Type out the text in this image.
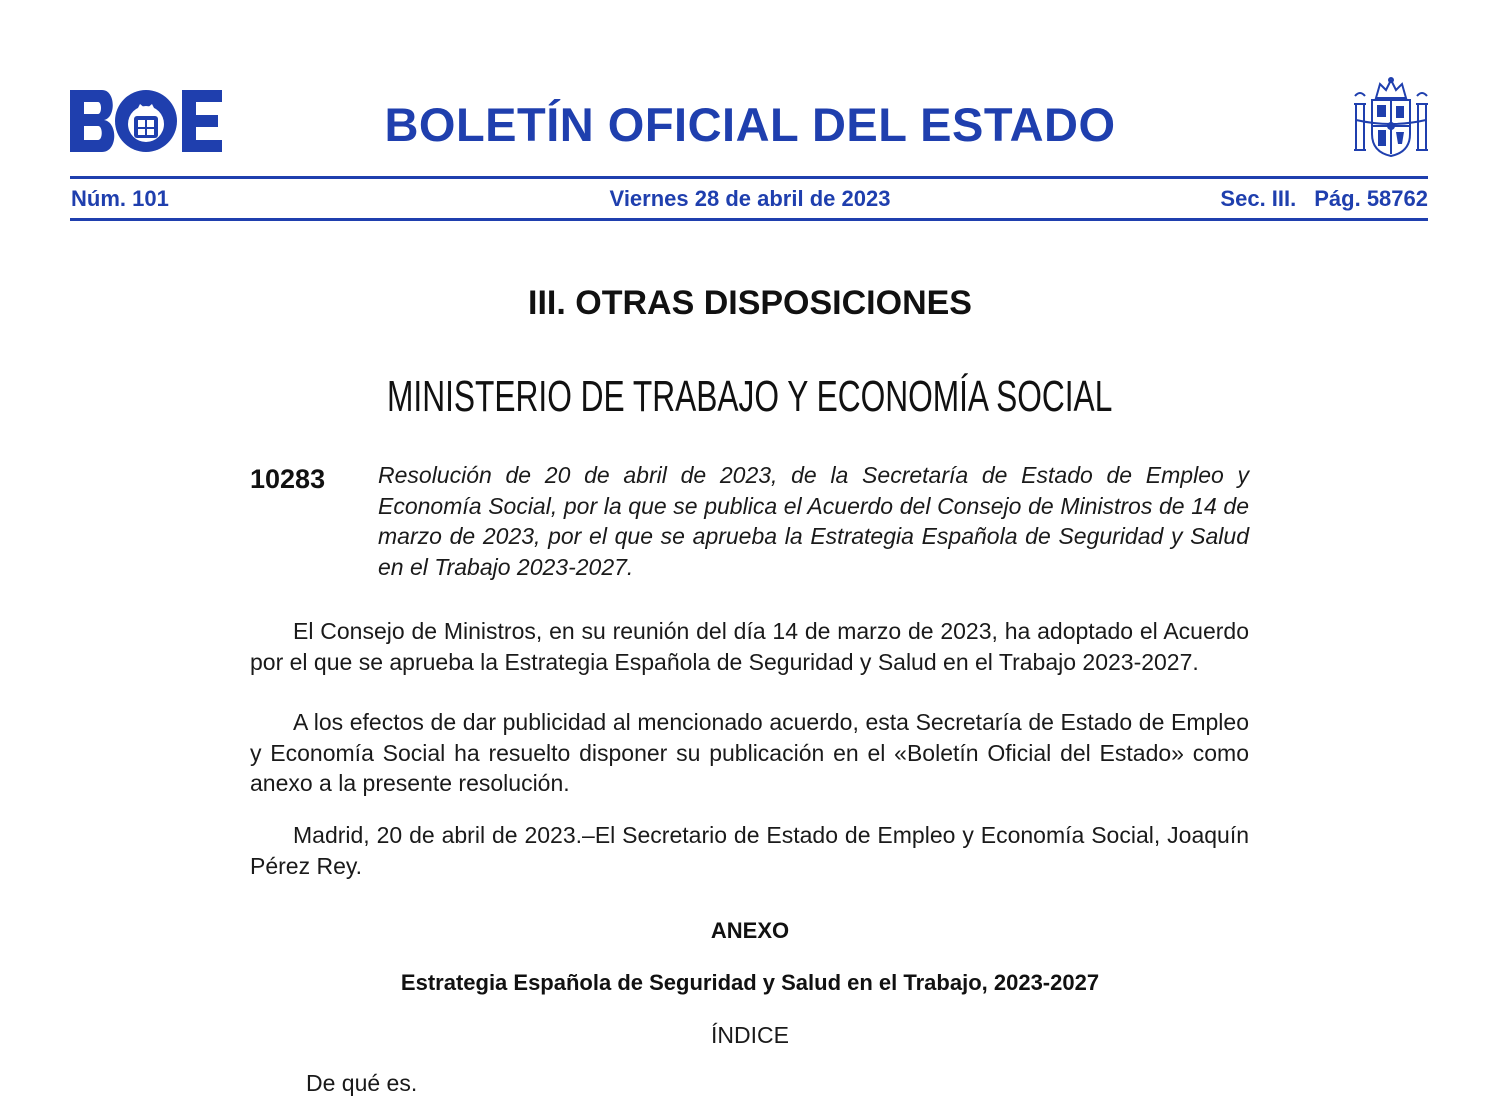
BOLETÍN OFICIAL DEL ESTADO
Núm. 101	Viernes 28 de abril de 2023	Sec. III. Pág. 58762
III. OTRAS DISPOSICIONES
MINISTERIO DE TRABAJO Y ECONOMÍA SOCIAL
10283 Resolución de 20 de abril de 2023, de la Secretaría de Estado de Empleo y Economía Social, por la que se publica el Acuerdo del Consejo de Ministros de 14 de marzo de 2023, por el que se aprueba la Estrategia Española de Seguridad y Salud en el Trabajo 2023-2027.
El Consejo de Ministros, en su reunión del día 14 de marzo de 2023, ha adoptado el Acuerdo por el que se aprueba la Estrategia Española de Seguridad y Salud en el Trabajo 2023-2027.
A los efectos de dar publicidad al mencionado acuerdo, esta Secretaría de Estado de Empleo y Economía Social ha resuelto disponer su publicación en el «Boletín Oficial del Estado» como anexo a la presente resolución.
Madrid, 20 de abril de 2023.–El Secretario de Estado de Empleo y Economía Social, Joaquín Pérez Rey.
ANEXO
Estrategia Española de Seguridad y Salud en el Trabajo, 2023-2027
ÍNDICE
De qué es.
